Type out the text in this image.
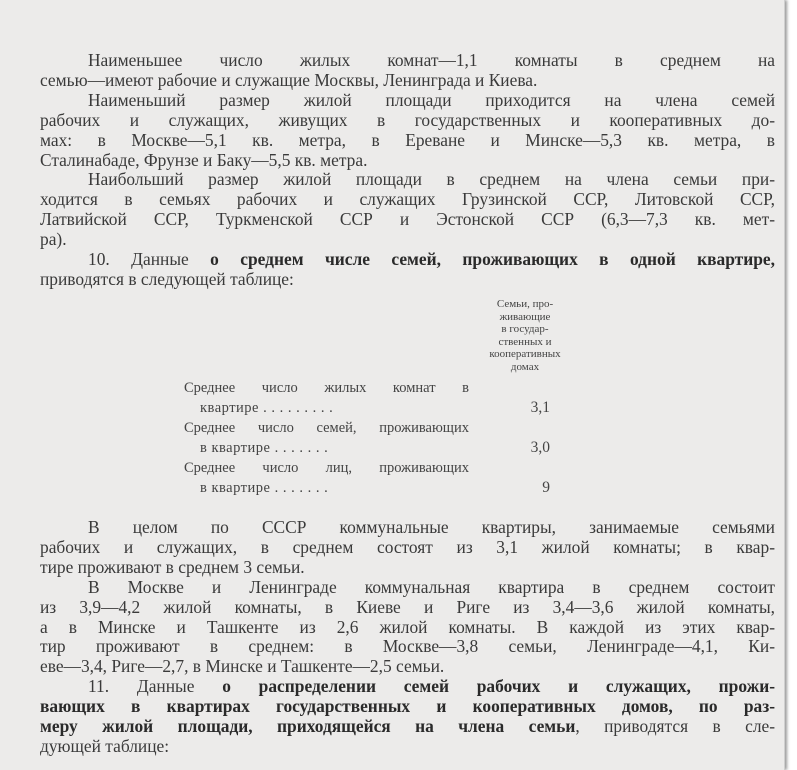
Наименьшее число жилых комнат—1,1 комнаты в среднем на
семью—имеют рабочие и служащие Москвы, Ленинграда и Киева.
Наименьший размер жилой площади приходится на члена семей
рабочих и служащих, живущих в государственных и кооперативных до-
мах: в Москве—5,1 кв. метра, в Ереване и Минске—5,3 кв. метра, в
Сталинабаде, Фрунзе и Баку—5,5 кв. метра.
Наибольший размер жилой площади в среднем на члена семьи при-
ходится в семьях рабочих и служащих Грузинской ССР, Литовской ССР,
Латвийской ССР, Туркменской ССР и Эстонской ССР (6,3—7,3 кв. мет-
ра).
10. Данные о среднем числе семей, проживающих в одной квартире,
приводятся в следующей таблице:
Семьи, про-
живающие
в государ-
ственных и
кооперативных
домах
Среднее число жилых комнат в
квартире . . . . . . . . .	3,1
Среднее число семей, проживающих
в квартире . . . . . . .	3,0
Среднее число лиц, проживающих
в квартире . . . . . . .	9
В целом по СССР коммунальные квартиры, занимаемые семьями
рабочих и служащих, в среднем состоят из 3,1 жилой комнаты; в квар-
тире проживают в среднем 3 семьи.
В Москве и Ленинграде коммунальная квартира в среднем состоит
из 3,9—4,2 жилой комнаты, в Киеве и Риге из 3,4—3,6 жилой комнаты,
а в Минске и Ташкенте из 2,6 жилой комнаты. В каждой из этих квар-
тир проживают в среднем: в Москве—3,8 семьи, Ленинграде—4,1, Ки-
еве—3,4, Риге—2,7, в Минске и Ташкенте—2,5 семьи.
11. Данные о распределении семей рабочих и служащих, прожи-
вающих в квартирах государственных и кооперативных домов, по раз-
меру жилой площади, приходящейся на члена семьи, приводятся в сле-
дующей таблице:
